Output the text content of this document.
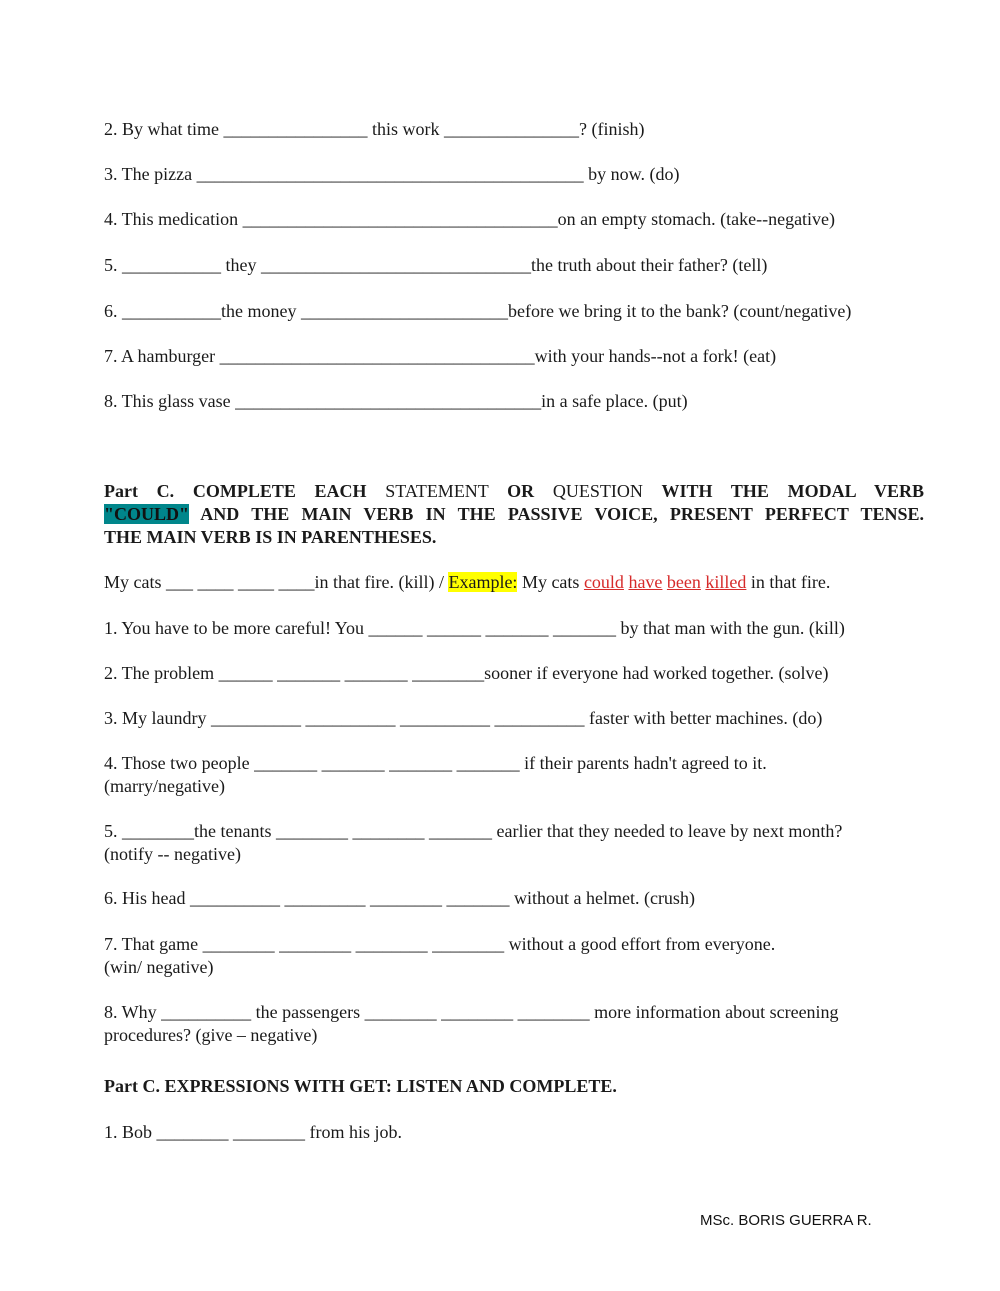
2. By what time ________________ this work _______________? (finish)
3. The pizza ___________________________________________ by now. (do)
4. This medication ___________________________________on an empty stomach. (take--negative)
5. ___________ they ______________________________the truth about their father? (tell)
6. ___________the money _______________________before we bring it to the bank? (count/negative)
7. A hamburger ___________________________________with your hands--not a fork! (eat)
8. This glass vase __________________________________in a safe place. (put)
Part C. COMPLETE EACH STATEMENT OR QUESTION WITH THE MODAL VERB
"COULD" AND THE MAIN VERB IN THE PASSIVE VOICE, PRESENT PERFECT TENSE.
THE MAIN VERB IS IN PARENTHESES.
My cats ___ ____ ____ ____in that fire. (kill) / Example: My cats could have been killed in that fire.
1. You have to be more careful! You ______ ______ _______ _______ by that man with the gun. (kill)
2. The problem ______ _______ _______ ________sooner if everyone had worked together. (solve)
3. My laundry __________ __________ __________ __________ faster with better machines. (do)
4. Those two people _______ _______ _______ _______ if their parents hadn't agreed to it.
(marry/negative)
5. ________the tenants ________ ________ _______ earlier that they needed to leave by next month?
(notify -- negative)
6. His head __________ _________ ________ _______ without a helmet. (crush)
7. That game ________ ________ ________ ________ without a good effort from everyone.
(win/ negative)
8. Why __________ the passengers ________ ________ ________ more information about screening
procedures? (give – negative)
Part C. EXPRESSIONS WITH GET: LISTEN AND COMPLETE.
1. Bob ________ ________ from his job.
MSc. BORIS GUERRA R.
